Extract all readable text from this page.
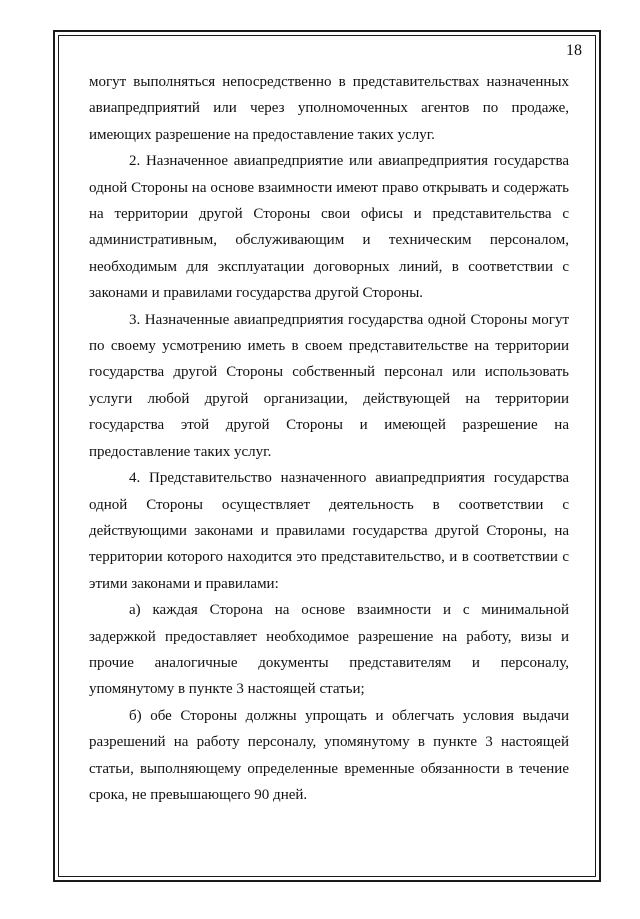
18

могут выполняться непосредственно в представительствах назначенных авиапредприятий или через уполномоченных агентов по продаже, имеющих разрешение на предоставление таких услуг.

2. Назначенное авиапредприятие или авиапредприятия государства одной Стороны на основе взаимности имеют право открывать и содержать на территории другой Стороны свои офисы и представительства с административным, обслуживающим и техническим персоналом, необходимым для эксплуатации договорных линий, в соответствии с законами и правилами государства другой Стороны.

3. Назначенные авиапредприятия государства одной Стороны могут по своему усмотрению иметь в своем представительстве на территории государства другой Стороны собственный персонал или использовать услуги любой другой организации, действующей на территории государства этой другой Стороны и имеющей разрешение на предоставление таких услуг.

4. Представительство назначенного авиапредприятия государства одной Стороны осуществляет деятельность в соответствии с действующими законами и правилами государства другой Стороны, на территории которого находится это представительство, и в соответствии с этими законами и правилами:

а) каждая Сторона на основе взаимности и с минимальной задержкой предоставляет необходимое разрешение на работу, визы и прочие аналогичные документы представителям и персоналу, упомянутому в пункте 3 настоящей статьи;

б) обе Стороны должны упрощать и облегчать условия выдачи разрешений на работу персоналу, упомянутому в пункте 3 настоящей статьи, выполняющему определенные временные обязанности в течение срока, не превышающего 90 дней.
